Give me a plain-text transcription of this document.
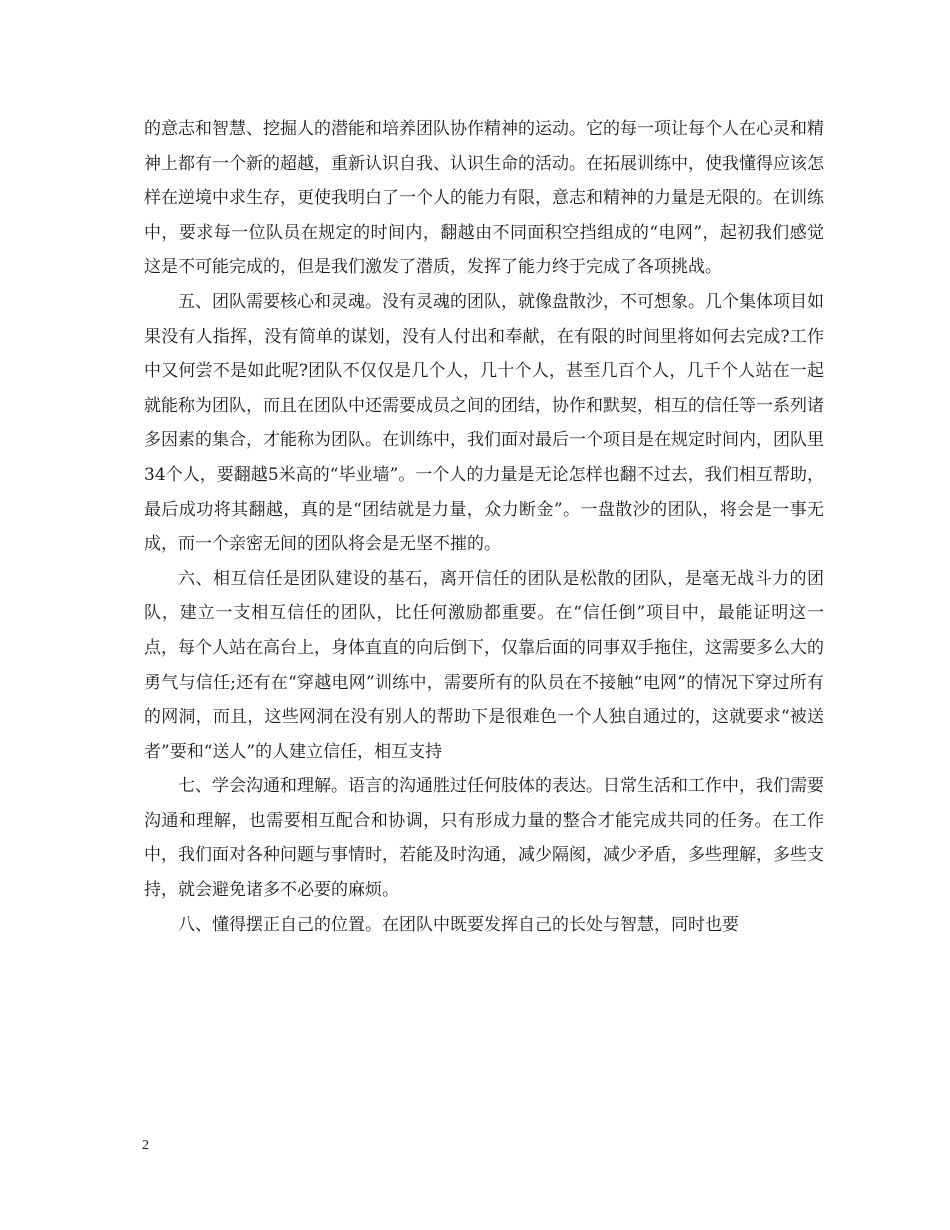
的意志和智慧、挖掘人的潜能和培养团队协作精神的运动。它的每一项让每个人在心灵和精神上都有一个新的超越，重新认识自我、认识生命的活动。在拓展训练中，使我懂得应该怎样在逆境中求生存，更使我明白了一个人的能力有限，意志和精神的力量是无限的。在训练中，要求每一位队员在规定的时间内，翻越由不同面积空挡组成的“电网”，起初我们感觉这是不可能完成的，但是我们激发了潜质，发挥了能力终于完成了各项挑战。

五、团队需要核心和灵魂。没有灵魂的团队，就像盘散沙，不可想象。几个集体项目如果没有人指挥，没有简单的谋划，没有人付出和奉献，在有限的时间里将如何去完成?工作中又何尝不是如此呢?团队不仅仅是几个人，几十个人，甚至几百个人，几千个人站在一起就能称为团队，而且在团队中还需要成员之间的团结，协作和默契，相互的信任等一系列诸多因素的集合，才能称为团队。在训练中，我们面对最后一个项目是在规定时间内，团队里34个人，要翻越5米高的“毕业墙”。一个人的力量是无论怎样也翻不过去，我们相互帮助，最后成功将其翻越，真的是“团结就是力量，众力断金”。一盘散沙的团队，将会是一事无成，而一个亲密无间的团队将会是无坚不摧的。

六、相互信任是团队建设的基石，离开信任的团队是松散的团队，是毫无战斗力的团队，建立一支相互信任的团队，比任何激励都重要。在“信任倒”项目中，最能证明这一点，每个人站在高台上，身体直直的向后倒下，仅靠后面的同事双手拖住，这需要多么大的勇气与信任;还有在“穿越电网”训练中，需要所有的队员在不接触“电网”的情况下穿过所有的网洞，而且，这些网洞在没有别人的帮助下是很难色一个人独自通过的，这就要求“被送者”要和“送人”的人建立信任，相互支持

七、学会沟通和理解。语言的沟通胜过任何肢体的表达。日常生活和工作中，我们需要沟通和理解，也需要相互配合和协调，只有形成力量的整合才能完成共同的任务。在工作中，我们面对各种问题与事情时，若能及时沟通，减少隔阂，减少矛盾，多些理解，多些支持，就会避免诸多不必要的麻烦。

八、懂得摆正自己的位置。在团队中既要发挥自己的长处与智慧，同时也要

2
